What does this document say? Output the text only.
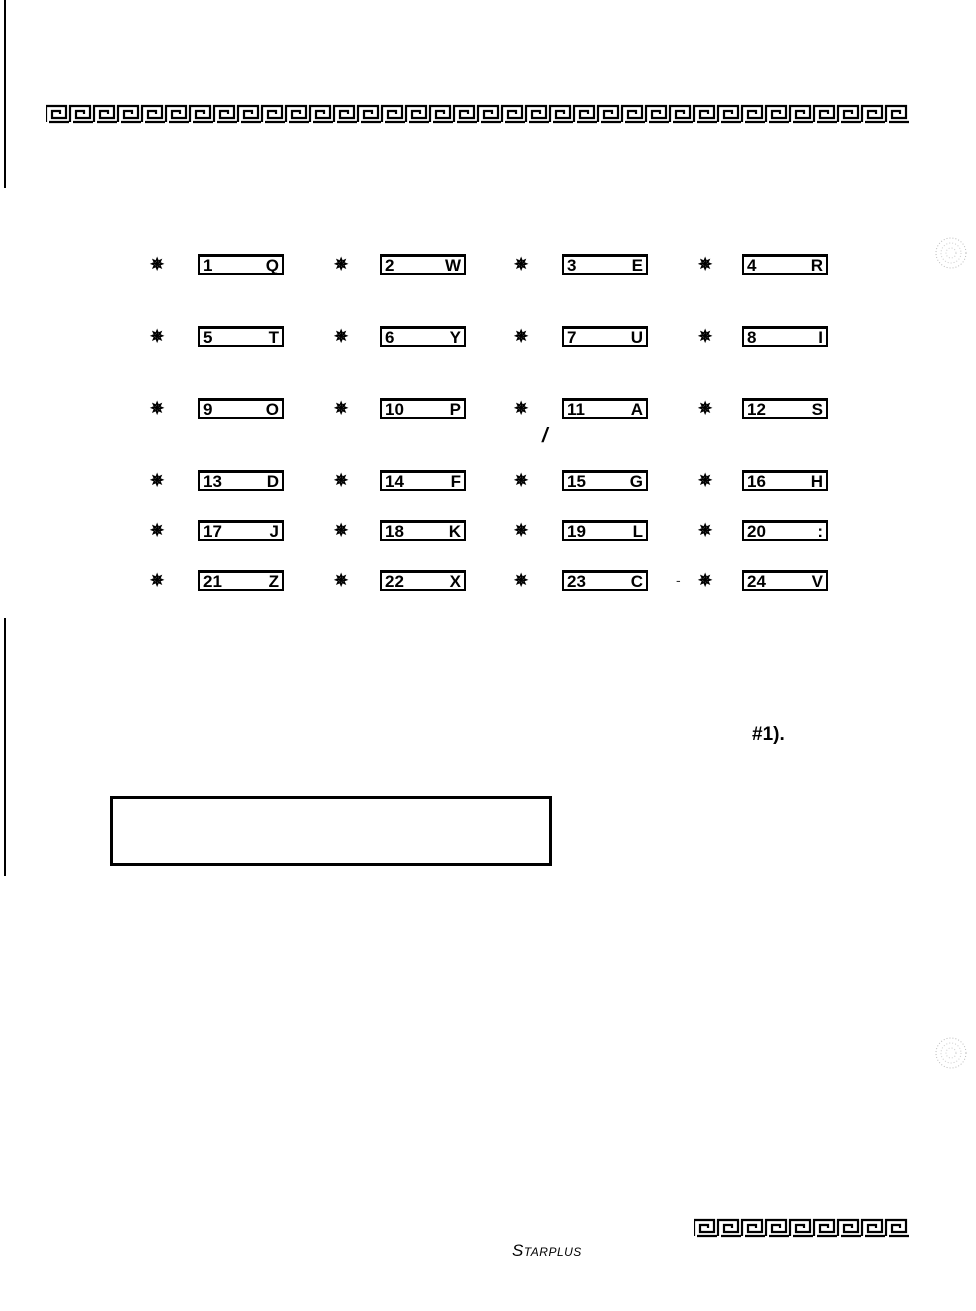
✵ 1	Q	✵ 2	W	✵ 3	E	✵ 4	R
✵ 5	T	✵ 6	Y	✵ 7	U	✵ 8	I
✵ 9	O	✵ 10	P	✵ 11	A	✵ 12	S
✵ 13	D	✵ 14	F	✵ 15	G	✵ 16	H
✵ 17	J	✵ 18	K	✵ 19	L	✵ 20	:
✵ 21	Z	✵ 22	X	✵ 23	C	✵ 24	V
/
-
#1).
STARPLUS
